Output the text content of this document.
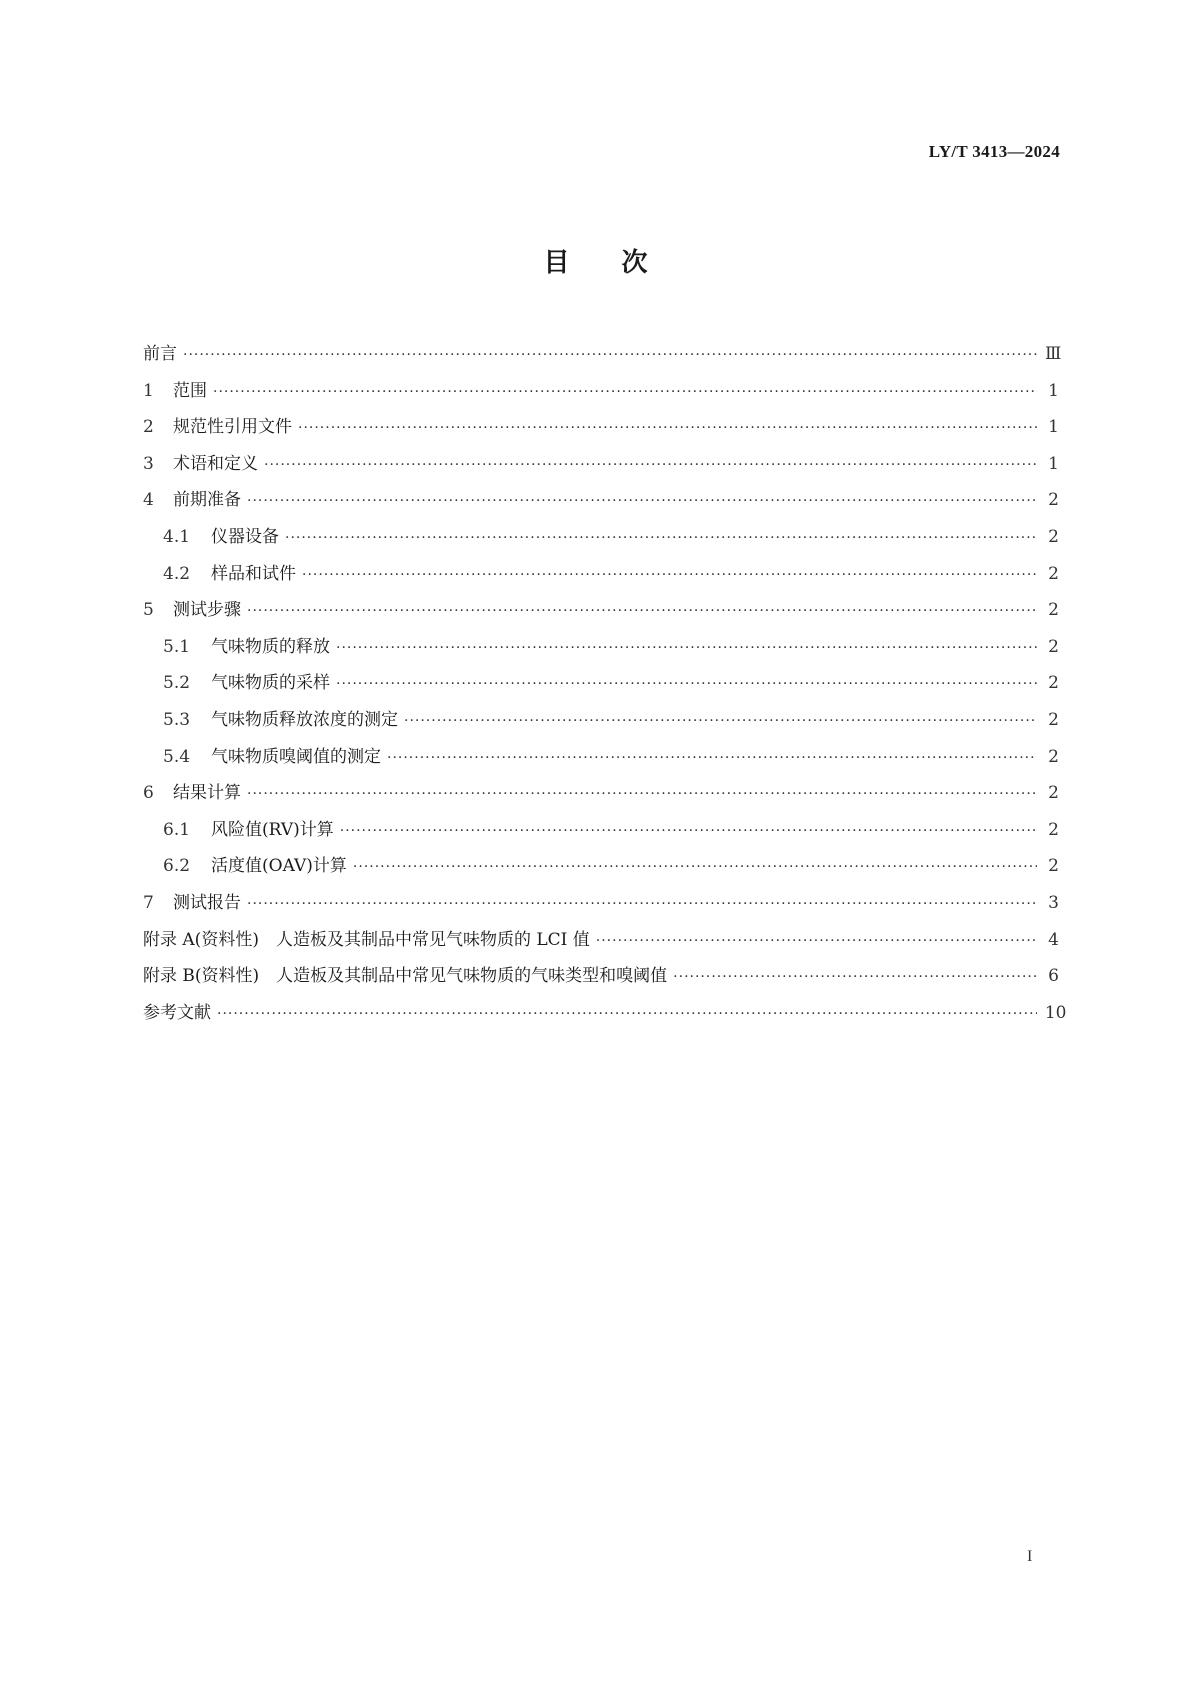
LY/T 3413—2024
目 次
前言 ·····	Ⅲ
1	范围 ·····	1
2	规范性引用文件 ·····	1
3	术语和定义 ·····	1
4	前期准备 ·····	2
4.1	仪器设备 ·····	2
4.2	样品和试件 ·····	2
5	测试步骤 ·····	2
5.1	气味物质的释放 ·····	2
5.2	气味物质的采样 ·····	2
5.3	气味物质释放浓度的测定 ·····	2
5.4	气味物质嗅阈值的测定 ·····	2
6	结果计算 ·····	2
6.1	风险值(RV)计算 ·····	2
6.2	活度值(OAV)计算 ·····	2
7	测试报告 ·····	3
附录 A(资料性)　人造板及其制品中常见气味物质的 LCI 值 ·····	4
附录 B(资料性)　人造板及其制品中常见气味物质的气味类型和嗅阈值 ·····	6
参考文献 ·····	10
I
